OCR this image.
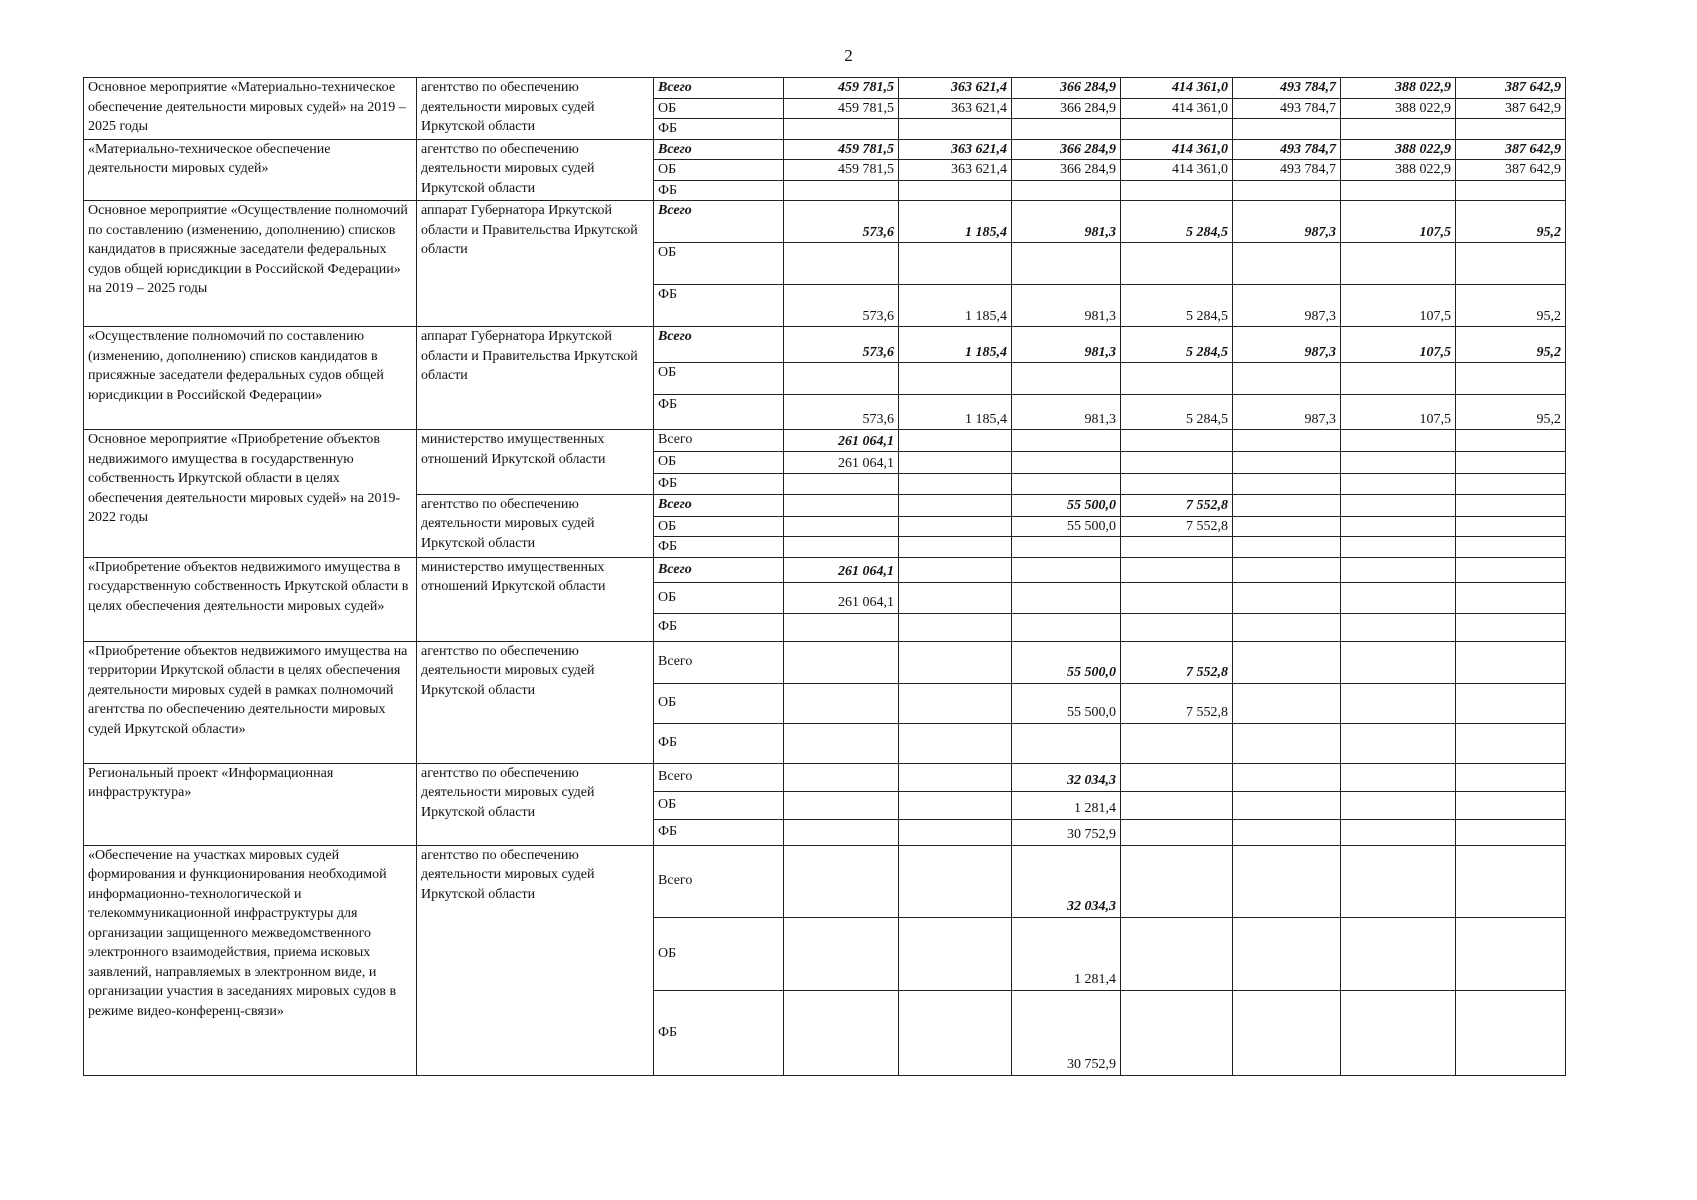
2
Основное мероприятие «Материально-техническое обеспечение деятельности мировых судей» на 2019 – 2025 годы	агентство по обеспечению деятельности мировых судей Иркутской области	Всего	459 781,5	363 621,4	366 284,9	414 361,0	493 784,7	388 022,9	387 642,9
		ОБ	459 781,5	363 621,4	366 284,9	414 361,0	493 784,7	388 022,9	387 642,9
		ФБ							
«Материально-техническое обеспечение деятельности мировых судей»	агентство по обеспечению деятельности мировых судей Иркутской области	Всего	459 781,5	363 621,4	366 284,9	414 361,0	493 784,7	388 022,9	387 642,9
		ОБ	459 781,5	363 621,4	366 284,9	414 361,0	493 784,7	388 022,9	387 642,9
		ФБ							
Основное мероприятие «Осуществление полномочий по составлению (изменению, дополнению) списков кандидатов в присяжные заседатели федеральных судов общей юрисдикции в Российской Федерации» на 2019 – 2025 годы	аппарат Губернатора Иркутской области и Правительства Иркутской области	Всего	573,6	1 185,4	981,3	5 284,5	987,3	107,5	95,2
		ОБ							
		ФБ	573,6	1 185,4	981,3	5 284,5	987,3	107,5	95,2
«Осуществление полномочий по составлению (изменению, дополнению) списков кандидатов в присяжные заседатели федеральных судов общей юрисдикции в Российской Федерации»	аппарат Губернатора Иркутской области и Правительства Иркутской области	Всего	573,6	1 185,4	981,3	5 284,5	987,3	107,5	95,2
		ОБ							
		ФБ	573,6	1 185,4	981,3	5 284,5	987,3	107,5	95,2
Основное мероприятие «Приобретение объектов недвижимого имущества в государственную собственность Иркутской области в целях обеспечения деятельности мировых судей» на 2019-2022 годы	министерство имущественных отношений Иркутской области	Всего	261 064,1						
		ОБ	261 064,1						
		ФБ							
	агентство по обеспечению деятельности мировых судей Иркутской области	Всего			55 500,0	7 552,8			
		ОБ			55 500,0	7 552,8			
		ФБ							
«Приобретение объектов недвижимого имущества в государственную собственность Иркутской области в целях обеспечения деятельности мировых судей»	министерство имущественных отношений Иркутской области	Всего	261 064,1						
		ОБ	261 064,1						
		ФБ							
«Приобретение объектов недвижимого имущества на территории Иркутской области в целях обеспечения деятельности мировых судей в рамках полномочий агентства по обеспечению деятельности мировых судей Иркутской области»	агентство по обеспечению деятельности мировых судей Иркутской области	Всего			55 500,0	7 552,8			
		ОБ			55 500,0	7 552,8			
		ФБ							
Региональный проект «Информационная инфраструктура»	агентство по обеспечению деятельности мировых судей Иркутской области	Всего			32 034,3				
		ОБ			1 281,4				
		ФБ			30 752,9				
«Обеспечение на участках мировых судей формирования и функционирования необходимой информационно-технологической и телекоммуникационной инфраструктуры для организации защищенного межведомственного электронного взаимодействия, приема исковых заявлений, направляемых в электронном виде, и организации участия в заседаниях мировых судов в режиме видео-конференц-связи»	агентство по обеспечению деятельности мировых судей Иркутской области	Всего			32 034,3				
		ОБ			1 281,4				
		ФБ			30 752,9				
